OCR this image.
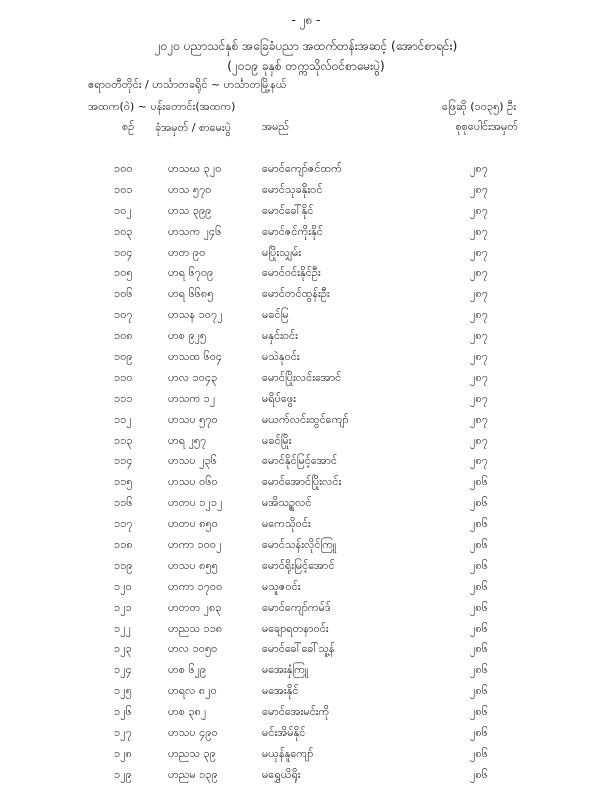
- ၂၈ -
၂၀၂၀ ပညာသင်နှစ် အခြေခံပညာ အထက်တန်းအဆင့် (အောင်စာရင်း)
(၂၀၁၉ ခုနှစ် တက္ကသိုလ်ဝင်စာမေးပွဲ)
ဧရာဝတီတိုင်း / ဟင်္သာတခရိုင် ~ ဟင်္သာတမြို့နယ်
အထက(ဝဲ) ~ ပန်းတောင်း(အထက)	ဖြေဆို (၁၀၃၅) ဦး
စဉ်	ခုံအမှတ် / စာမေးပွဲ	အမည်	စုစုပေါင်းအမှတ်
၁၀၀	ဟသဃ ၃၂၀	မောင်ကျော်ဇင်ထက်	၂၈၇
၁၀၁	ဟသ ၅၇၀	မောင်သုခနိုးဝင်	၂၈၇
၁၀၂	ဟသ ၃၉၉	မောင်ခေါ်နိုင်	၂၈၇
၁၀၃	ဟသက ၂၄၆	မောင်ဇင်ကိုးနိုင်	၂၈၇
၁၀၄	ဟတ ၉၀	မပြိုးသျှမ်း	၂၈၇
၁၀၅	ဟရ ၆၇၀၉	မောင်ဝင်းနိုင်ဦး	၂၈၇
၁၀၆	ဟရ ၆၆၈၅	မောင်တင်ထွန်းဦး	၂၈၇
၁၀၇	ဟသန ၁၀၇၂	မခင်မြ	၂၈၇
၁၀၈	ဟစ ၉၂၅	မနှင်းဝင်း	၂၈၇
၁၀၉	ဟသထ ၆၀၄	မသဲနုဝင်း	၂၈၇
၁၁၀	ဟလ ၁၀၄၃	မောင်ပြိုးလင်းအောင်	၂၈၇
၁၁၁	ဟသက ၁၂	မရိပ်ဖွေး	၂၈၇
၁၁၂	ဟသပ ၅၇၀	မယက်လင်းထွင်ကျော်	၂၈၇
၁၁၃	ဟရ ၂၅၇	မခင်မြိုး	၂၈၇
၁၁၄	ဟသပ ၂၃၆	မောင်နိုင်မြင့်အောင်	၂၈၇
၁၁၅	ဟသပ ၀၆၀	မောင်အောင်ပြိုးလင်း	၂၈၆
၁၁၆	ဟတပ ၁၂၁၂	မအိသဥ္စလင်	၂၈၆
၁၁၇	ဟတပ ၈၅၀	မကေသိုဝင်း	၂၈၆
၁၁၈	ဟကာ ၁၀၀၂	မောင်သန်းလိုင်ကြူ	၂၈၆
၁၁၉	ဟသပ ၈၅၅	မောင်ရိုးမြင့်အောင်	၂၈၆
၁၂၀	ဟကာ ၁၇၀၀	မသူဇဝင်း	၂၈၆
၁၂၁	ဟတတ ၂၈၃	မောင်ကျော်ကမ်ဒ်	၂၈၆
၁၂၂	ဟညသ ၁၁၈	မချောရတနာဝင်း	၂၈၆
၁၂၃	ဟလ ၁၀၅၀	မောင်ခေါ်ခေါ်သူ့န်	၂၈၆
၁၂၄	ဟစ ၆၂၉	မအေးနှံကြူ	၂၈၆
၁၂၅	ဟရလ ၈၂၀	မအေးနိုင်	၂၈၆
၁၂၆	ဟစ ၃၈၂	မောင်အေးမင်းကို	၂၈၆
၁၂၇	ဟသပ ၄၉၀	မင်းအိမ်နိုင်	၂၈၆
၁၂၈	ဟညသ ၃၉	မယှန်နူကျော်	၂၈၆
၁၂၉	ဟညမ ၁၃၉	မရွှေယိရိုး	၂၈၆
